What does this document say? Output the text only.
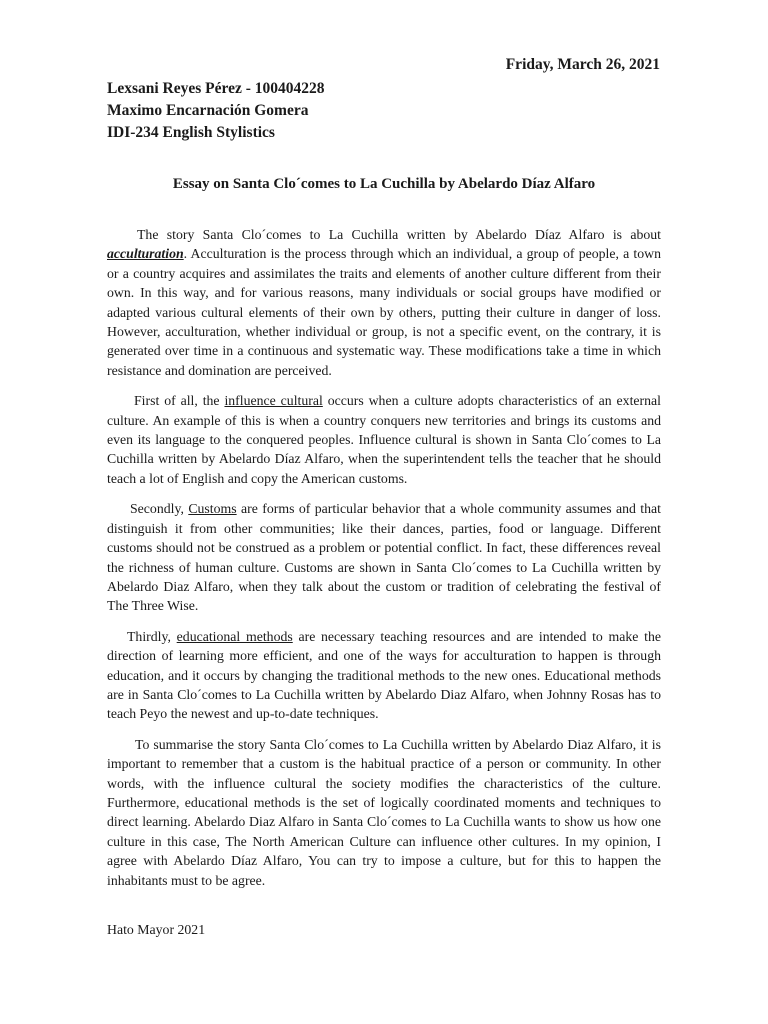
Friday, March 26, 2021
Lexsani Reyes Pérez - 100404228
Maximo Encarnación Gomera
IDI-234 English Stylistics
Essay on Santa Clo´comes to La Cuchilla by Abelardo Díaz Alfaro

The story Santa Clo´comes to La Cuchilla written by Abelardo Díaz Alfaro is about acculturation. Acculturation is the process through which an individual, a group of people, a town or a country acquires and assimilates the traits and elements of another culture different from their own. In this way, and for various reasons, many individuals or social groups have modified or adapted various cultural elements of their own by others, putting their culture in danger of loss. However, acculturation, whether individual or group, is not a specific event, on the contrary, it is generated over time in a continuous and systematic way. These modifications take a time in which resistance and domination are perceived.

First of all, the influence cultural occurs when a culture adopts characteristics of an external culture. An example of this is when a country conquers new territories and brings its customs and even its language to the conquered peoples. Influence cultural is shown in Santa Clo´comes to La Cuchilla written by Abelardo Díaz Alfaro, when the superintendent tells the teacher that he should teach a lot of English and copy the American customs.

Secondly, Customs are forms of particular behavior that a whole community assumes and that distinguish it from other communities; like their dances, parties, food or language. Different customs should not be construed as a problem or potential conflict. In fact, these differences reveal the richness of human culture. Customs are shown in Santa Clo´comes to La Cuchilla written by Abelardo Diaz Alfaro, when they talk about the custom or tradition of celebrating the festival of The Three Wise.

Thirdly, educational methods are necessary teaching resources and are intended to make the direction of learning more efficient, and one of the ways for acculturation to happen is through education, and it occurs by changing the traditional methods to the new ones. Educational methods are in Santa Clo´comes to La Cuchilla written by Abelardo Diaz Alfaro, when Johnny Rosas has to teach Peyo the newest and up-to-date techniques.

To summarise the story Santa Clo´comes to La Cuchilla written by Abelardo Diaz Alfaro, it is important to remember that a custom is the habitual practice of a person or community. In other words, with the influence cultural the society modifies the characteristics of the culture. Furthermore, educational methods is the set of logically coordinated moments and techniques to direct learning. Abelardo Diaz Alfaro in Santa Clo´comes to La Cuchilla wants to show us how one culture in this case, The North American Culture can influence other cultures. In my opinion, I agree with Abelardo Díaz Alfaro, You can try to impose a culture, but for this to happen the inhabitants must to be agree.

Hato Mayor 2021
